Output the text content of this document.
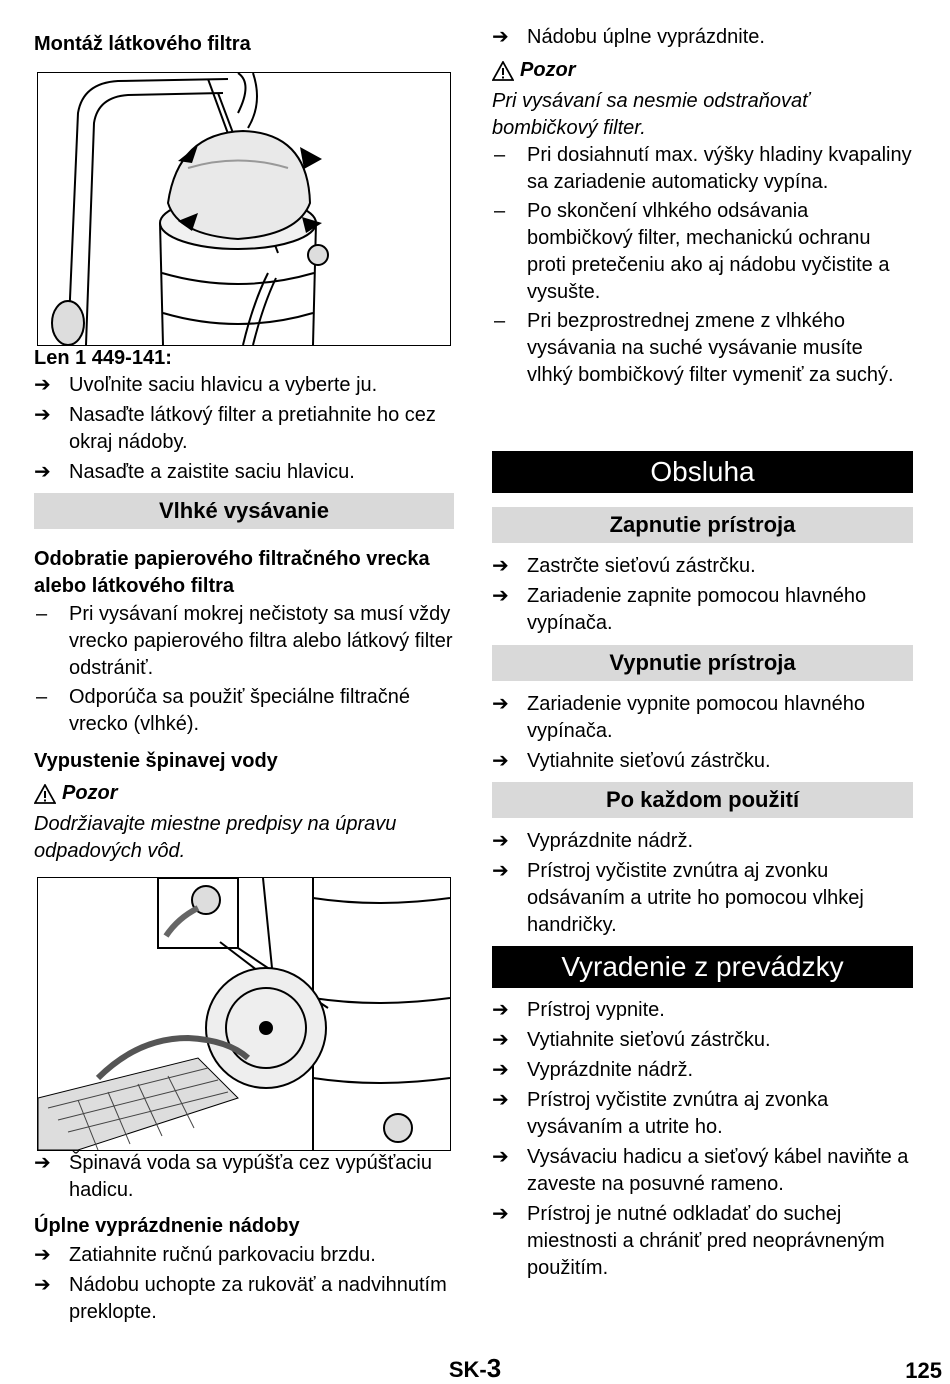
Montáž látkového filtra

Len 1 449-141:

➔ Uvoľnite saciu hlavicu a vyberte ju.
➔ Nasaďte látkový filter a pretiahnite ho cez okraj nádoby.
➔ Nasaďte a zaistite saciu hlavicu.
Vlhké vysávanie

Odobratie papierového filtračného vrecka alebo látkového filtra

– Pri vysávaní mokrej nečistoty sa musí vždy vrecko papierového filtra alebo látkový filter odstrániť.
– Odporúča sa použiť špeciálne filtračné vrecko (vlhké).

Vypustenie špinavej vody

Pozor

Dodržiavajte miestne predpisy na úpravu odpadových vôd.

➔ Špinavá voda sa vypúšťa cez vypúšťaciu hadicu.

Úplne vyprázdnenie nádoby

➔ Zatiahnite ručnú parkovaciu brzdu.
➔ Nádobu uchopte za rukoväť a nadvihnutím preklopte.
➔ Nádobu úplne vyprázdnite.
Pozor

Pri vysávaní sa nesmie odstraňovať bombičkový filter.

– Pri dosiahnutí max. výšky hladiny kvapaliny sa zariadenie automaticky vypína.
– Po skončení vlhkého odsávania bombičkový filter, mechanickú ochranu proti pretečeniu ako aj nádobu vyčistite a vysušte.
– Pri bezprostrednej zmene z vlhkého vysávania na suché vysávanie musíte vlhký bombičkový filter vymeniť za suchý.
Obsluha
Zapnutie prístroja
➔ Zastrčte sieťovú zástrčku.
➔ Zariadenie zapnite pomocou hlavného vypínača.
Vypnutie prístroja
➔ Zariadenie vypnite pomocou hlavného vypínača.
➔ Vytiahnite sieťovú zástrčku.
Po každom použití
➔ Vyprázdnite nádrž.
➔ Prístroj vyčistite zvnútra aj zvonku odsávaním a utrite ho pomocou vlhkej handričky.
Vyradenie z prevádzky
➔ Prístroj vypnite.
➔ Vytiahnite sieťovú zástrčku.
➔ Vyprázdnite nádrž.
➔ Prístroj vyčistite zvnútra aj zvonka vysávaním a utrite ho.
➔ Vysávaciu hadicu a sieťový kábel naviňte a zaveste na posuvné rameno.
➔ Prístroj je nutné odkladať do suchej miestnosti a chrániť pred neoprávneným použitím.
SK-3	125
